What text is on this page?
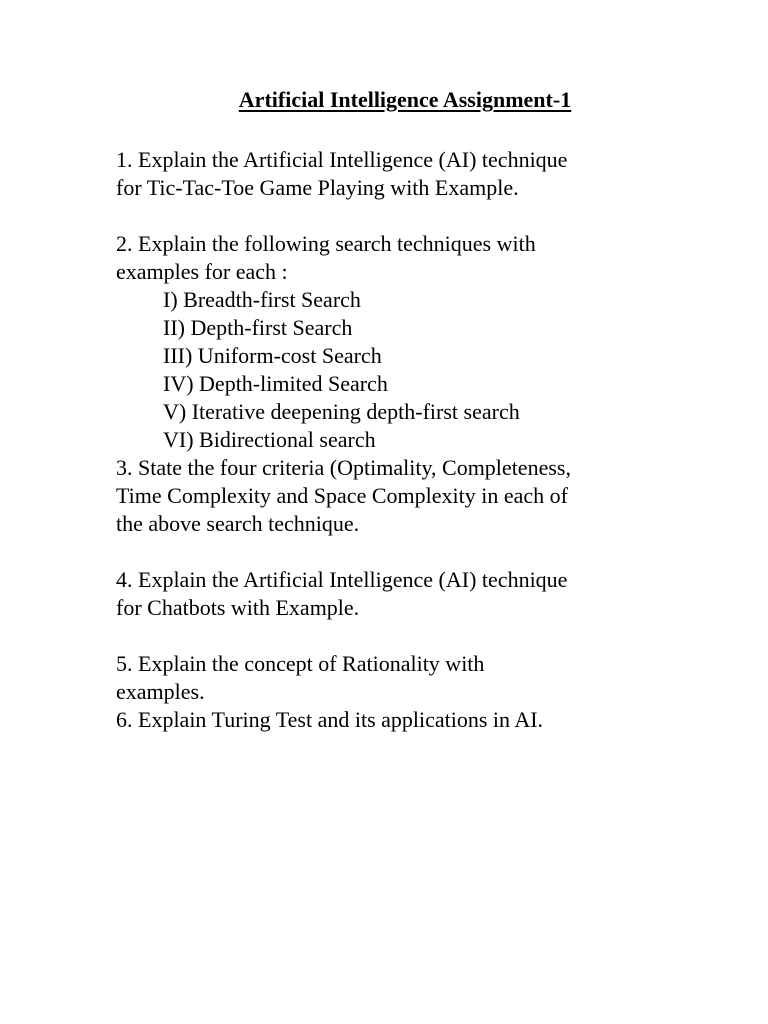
Artificial Intelligence Assignment-1
1. Explain the Artificial Intelligence (AI) technique
for Tic-Tac-Toe Game Playing with Example.
2. Explain the following search techniques with
examples for each :
I) Breadth-first Search
II) Depth-first Search
III) Uniform-cost Search
IV) Depth-limited Search
V) Iterative deepening depth-first search
VI) Bidirectional search
3. State the four criteria (Optimality, Completeness,
Time Complexity and Space Complexity in each of
the above search technique.
4. Explain the Artificial Intelligence (AI) technique
for Chatbots with Example.
5. Explain the concept of Rationality with
examples.
6. Explain Turing Test and its applications in AI.
